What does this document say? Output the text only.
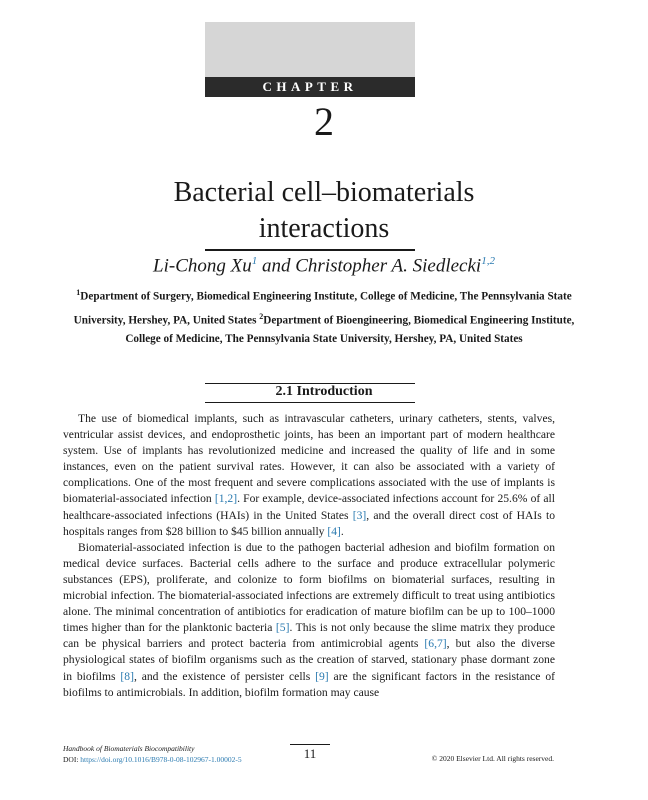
CHAPTER
2
Bacterial cell–biomaterials
interactions
Li-Chong Xu$^1$ and Christopher A. Siedlecki$^{1,2}$
$^1$Department of Surgery, Biomedical Engineering Institute, College of Medicine, The Pennsylvania State University, Hershey, PA, United States $^2$Department of Bioengineering, Biomedical Engineering Institute, College of Medicine, The Pennsylvania State University, Hershey, PA, United States
2.1 Introduction

The use of biomedical implants, such as intravascular catheters, urinary catheters, stents, valves, ventricular assist devices, and endoprosthetic joints, has been an important part of modern healthcare system. Use of implants has revolutionized medicine and increased the quality of life and in some instances, even on the patient survival rates. However, it can also be associated with a variety of complications. One of the most frequent and severe complications associated with the use of implants is biomaterial-associated infection [1,2]. For example, device-associated infections account for 25.6% of all healthcare-associated infections (HAIs) in the United States [3], and the overall direct cost of HAIs to hospitals ranges from $28 billion to $45 billion annually [4].

Biomaterial-associated infection is due to the pathogen bacterial adhesion and biofilm formation on medical device surfaces. Bacterial cells adhere to the surface and produce extracellular polymeric substances (EPS), proliferate, and colonize to form biofilms on biomaterial surfaces, resulting in microbial infection. The biomaterial-associated infections are extremely difficult to treat using antibiotics alone. The minimal concentration of antibiotics for eradication of mature biofilm can be up to 100–1000 times higher than for the planktonic bacteria [5]. This is not only because the slime matrix they produce can be physical barriers and protect bacteria from antimicrobial agents [6,7], but also the diverse physiological states of biofilm organisms such as the creation of starved, stationary phase dormant zone in biofilms [8], and the existence of persister cells [9] are the significant factors in the resistance of biofilms to antimicrobials. In addition, biofilm formation may cause

Handbook of Biomaterials Biocompatibility
DOI: https://doi.org/10.1016/B978-0-08-102967-1.00002-5	11	© 2020 Elsevier Ltd. All rights reserved.
